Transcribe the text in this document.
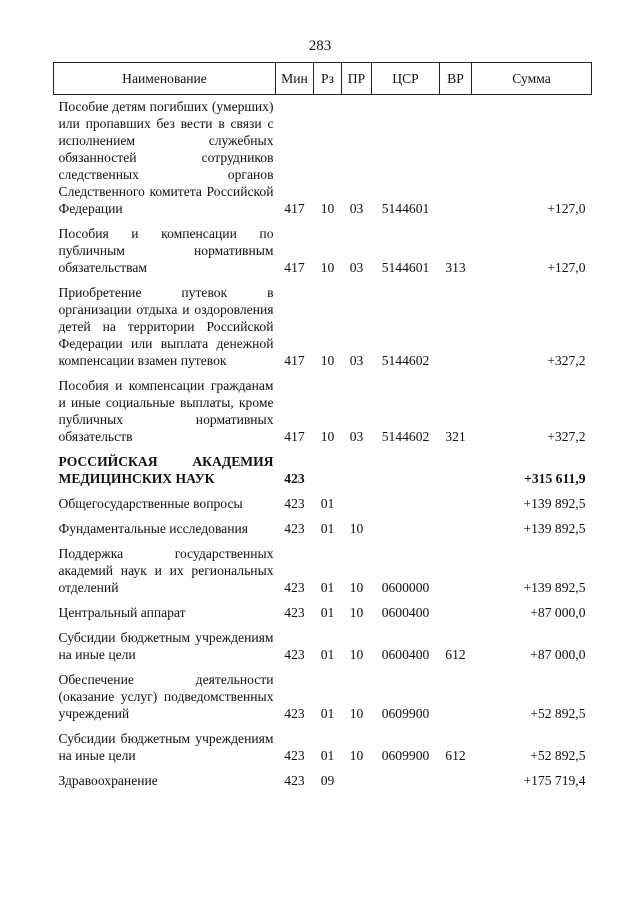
283
Наименование	Мин	Рз	ПР	ЦСР	ВР	Сумма
Пособие детям погибших (умерших) или пропавших без вести в связи с исполнением служебных обязанностей сотрудников следственных органов Следственного комитета Российской Федерации	417	10	03	5144601		+127,0
Пособия и компенсации по публичным нормативным обязательствам	417	10	03	5144601	313	+127,0
Приобретение путевок в организации отдыха и оздоровления детей на территории Российской Федерации или выплата денежной компенсации взамен путевок	417	10	03	5144602		+327,2
Пособия и компенсации гражданам и иные социальные выплаты, кроме публичных нормативных обязательств	417	10	03	5144602	321	+327,2
РОССИЙСКАЯ АКАДЕМИЯ МЕДИЦИНСКИХ НАУК	423					+315 611,9
Общегосударственные вопросы	423	01				+139 892,5
Фундаментальные исследования	423	01	10			+139 892,5
Поддержка государственных академий наук и их региональных отделений	423	01	10	0600000		+139 892,5
Центральный аппарат	423	01	10	0600400		+87 000,0
Субсидии бюджетным учреждениям на иные цели	423	01	10	0600400	612	+87 000,0
Обеспечение деятельности (оказание услуг) подведомственных учреждений	423	01	10	0609900		+52 892,5
Субсидии бюджетным учреждениям на иные цели	423	01	10	0609900	612	+52 892,5
Здравоохранение	423	09				+175 719,4
